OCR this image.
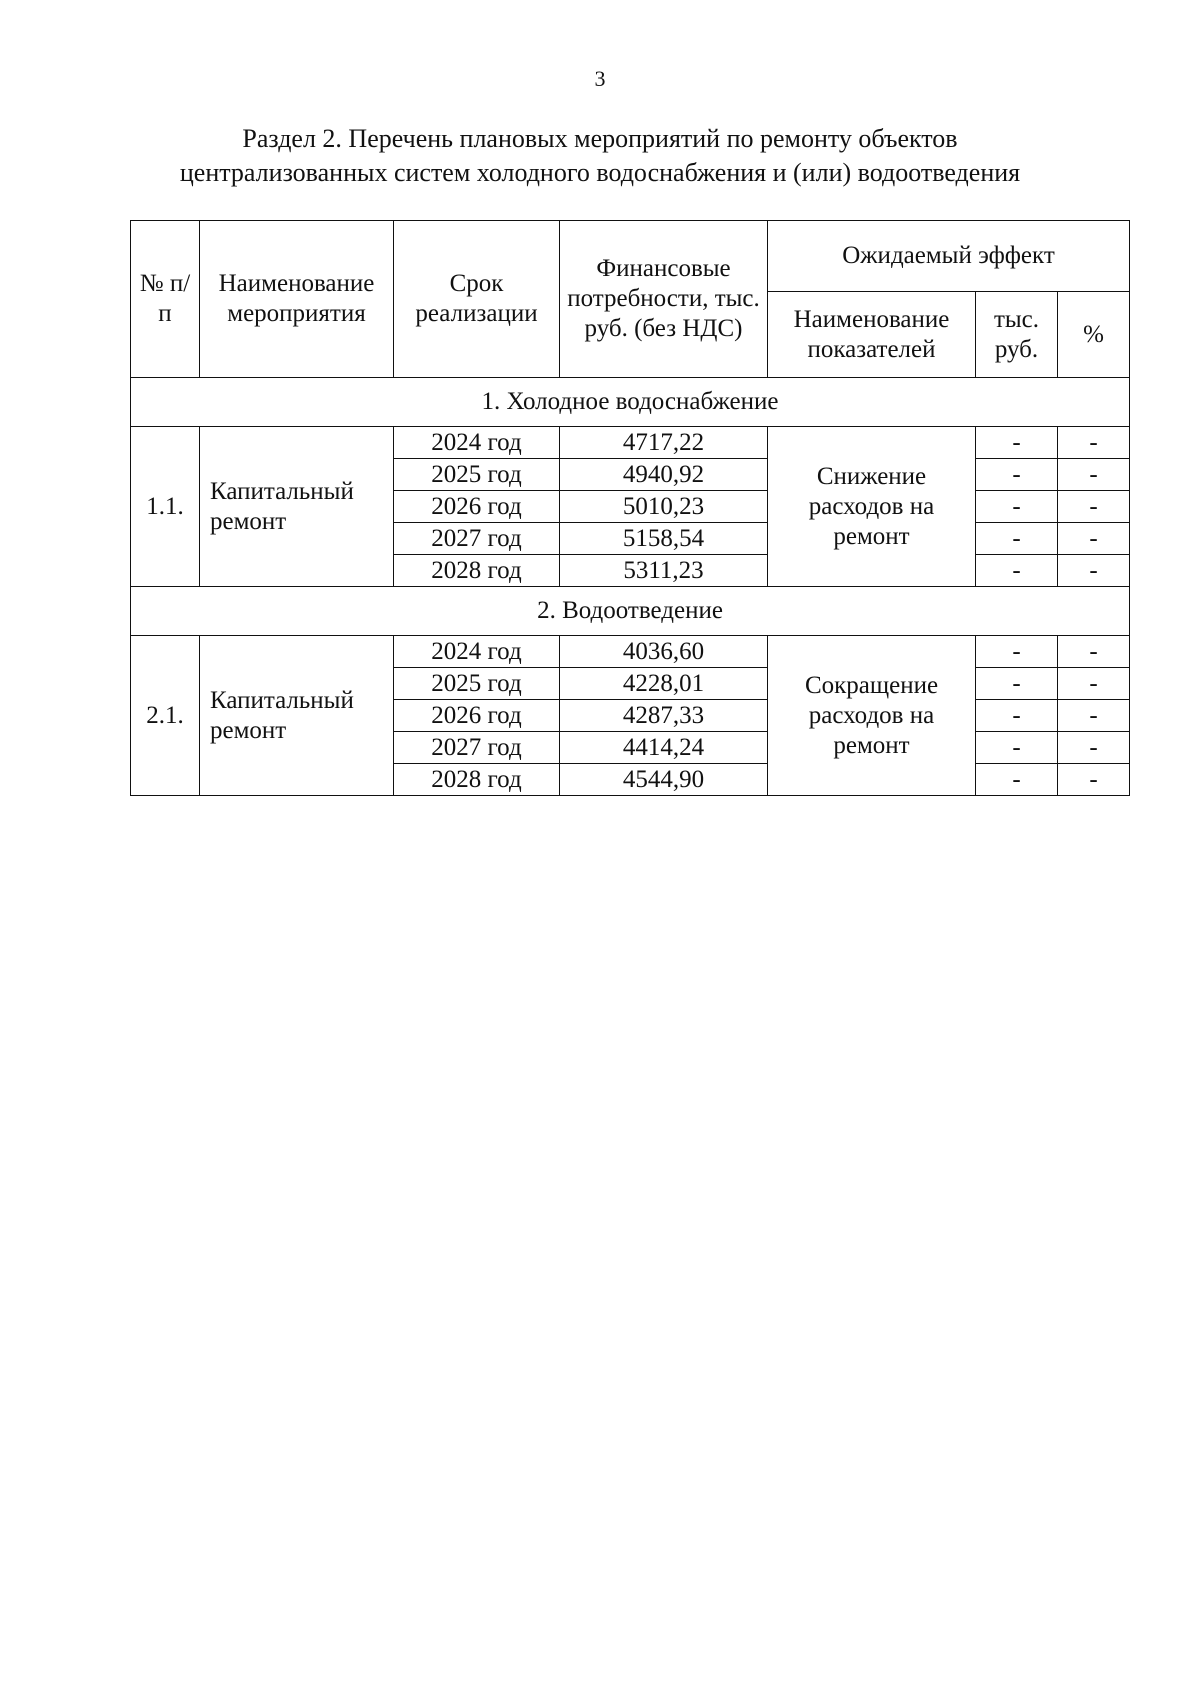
3
Раздел 2. Перечень плановых мероприятий по ремонту объектов
централизованных систем холодного водоснабжения и (или) водоотведения
№ п/п	Наименование мероприятия	Срок реализации	Финансовые потребности, тыс. руб. (без НДС)	Ожидаемый эффект		
				Наименование показателей	тыс. руб.	%
1. Холодное водоснабжение						
1.1.	Капитальный ремонт	2024 год	4717,22	Снижение расходов на ремонт	-	-
		2025 год	4940,92		-	-
		2026 год	5010,23		-	-
		2027 год	5158,54		-	-
		2028 год	5311,23		-	-
2. Водоотведение						
2.1.	Капитальный ремонт	2024 год	4036,60	Сокращение расходов на ремонт	-	-
		2025 год	4228,01		-	-
		2026 год	4287,33		-	-
		2027 год	4414,24		-	-
		2028 год	4544,90		-	-
